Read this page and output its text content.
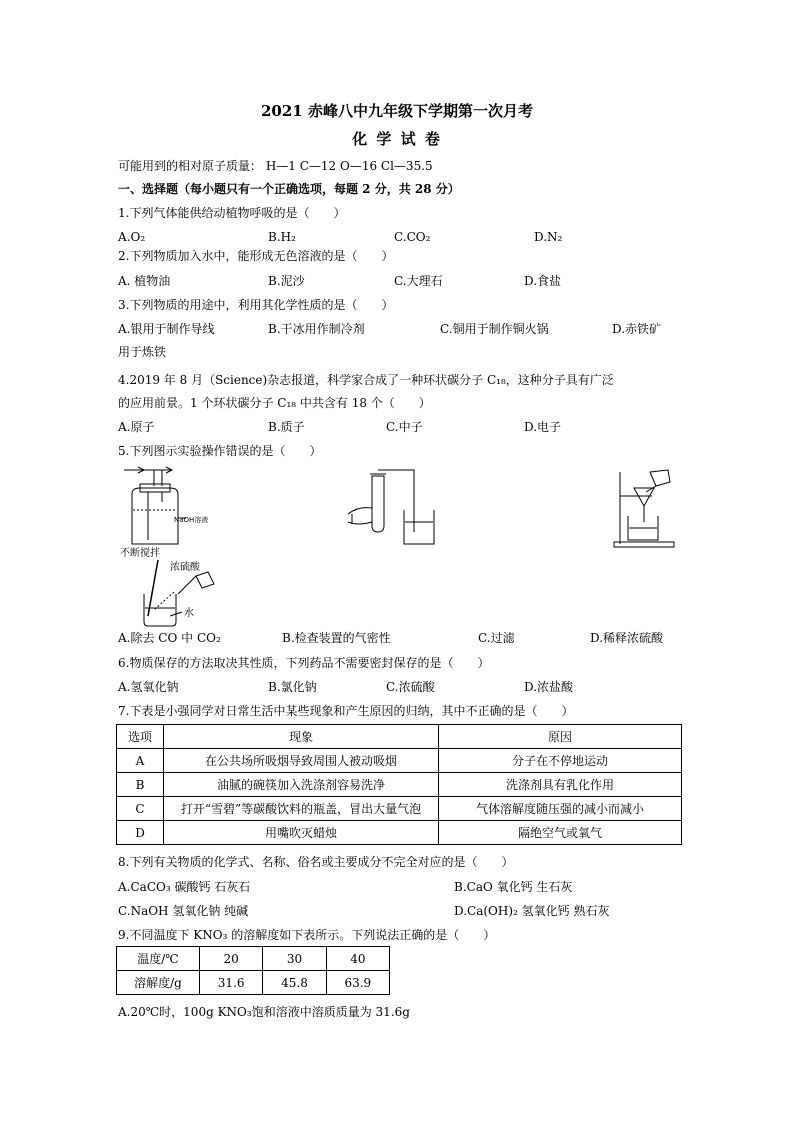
2021 赤峰八中九年级下学期第一次月考
化 学 试 卷
可能用到的相对原子质量： H—1 C—12 O—16 Cl—35.5
一、选择题（每小题只有一个正确选项，每题 2 分，共 28 分）
1.下列气体能供给动植物呼吸的是（　　）
A.O₂	B.H₂	C.CO₂	D.N₂
2.下列物质加入水中，能形成无色溶液的是（　　）
A. 植物油	B.泥沙	C.大理石	D.食盐
3.下列物质的用途中，利用其化学性质的是（　　）
A.银用于制作导线	B.干冰用作制冷剂	C.铜用于制作铜火锅	D.赤铁矿
用于炼铁
4.2019 年 8 月（Science)杂志报道，科学家合成了一种环状碳分子 C₁₈，这种分子具有广泛
的应用前景。1 个环状碳分子 C₁₈ 中共含有 18 个（　　）
A.原子	B.质子	C.中子	D.电子
5.下列图示实验操作错误的是（　　）
NaOH溶液
不断搅拌
浓硫酸
水
A.除去 CO 中 CO₂	B.检查装置的气密性	C.过滤	D.稀释浓硫酸
6.物质保存的方法取决其性质，下列药品不需要密封保存的是（　　）
A.氢氧化钠	B.氯化钠	C.浓硫酸	D.浓盐酸
7.下表是小强同学对日常生活中某些现象和产生原因的归纳，其中不正确的是（　　）
选项	现象	原因
A	在公共场所吸烟导致周围人被动吸烟	分子在不停地运动
B	油腻的碗筷加入洗涤剂容易洗净	洗涤剂具有乳化作用
C	打开“雪碧”等碳酸饮料的瓶盖，冒出大量气泡	气体溶解度随压强的减小而减小
D	用嘴吹灭蜡烛	隔绝空气或氧气
8.下列有关物质的化学式、名称、俗名或主要成分不完全对应的是（　　）
A.CaCO₃ 碳酸钙 石灰石	B.CaO 氧化钙 生石灰
C.NaOH 氢氧化钠 纯碱	D.Ca(OH)₂ 氢氧化钙 熟石灰
9.不同温度下 KNO₃ 的溶解度如下表所示。下列说法正确的是（　　）
温度/℃	20	30	40
溶解度/g	31.6	45.8	63.9
A.20℃时，100g KNO₃饱和溶液中溶质质量为 31.6g
